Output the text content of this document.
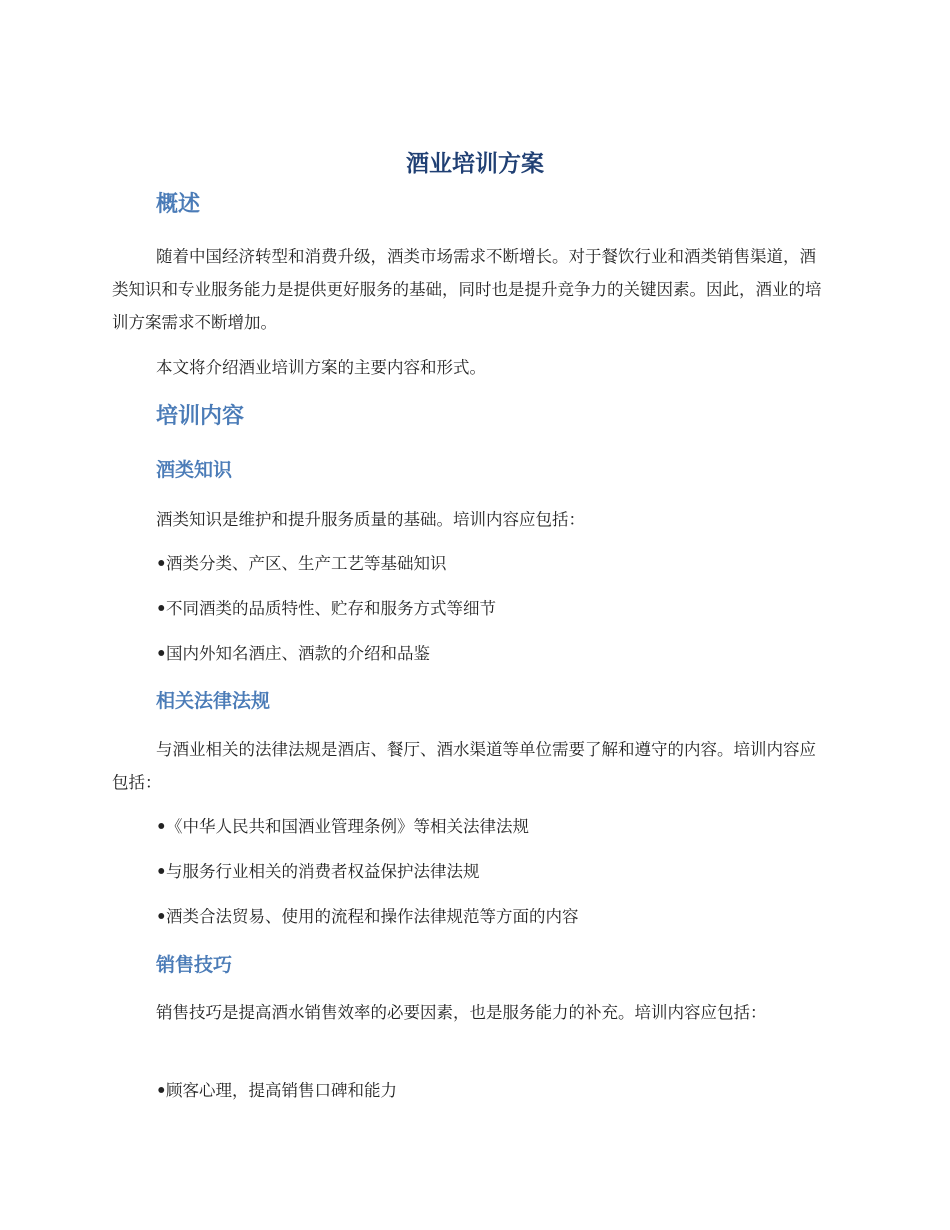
酒业培训方案
概述

随着中国经济转型和消费升级，酒类市场需求不断增长。对于餐饮行业和酒类销售渠道，酒类知识和专业服务能力是提供更好服务的基础，同时也是提升竞争力的关键因素。因此，酒业的培训方案需求不断增加。

本文将介绍酒业培训方案的主要内容和形式。

培训内容
酒类知识

酒类知识是维护和提升服务质量的基础。培训内容应包括：

•酒类分类、产区、生产工艺等基础知识

•不同酒类的品质特性、贮存和服务方式等细节

•国内外知名酒庄、酒款的介绍和品鉴

相关法律法规

与酒业相关的法律法规是酒店、餐厅、酒水渠道等单位需要了解和遵守的内容。培训内容应包括：

•《中华人民共和国酒业管理条例》等相关法律法规

•与服务行业相关的消费者权益保护法律法规

•酒类合法贸易、使用的流程和操作法律规范等方面的内容

销售技巧

销售技巧是提高酒水销售效率的必要因素，也是服务能力的补充。培训内容应包括：

•顾客心理，提高销售口碑和能力
